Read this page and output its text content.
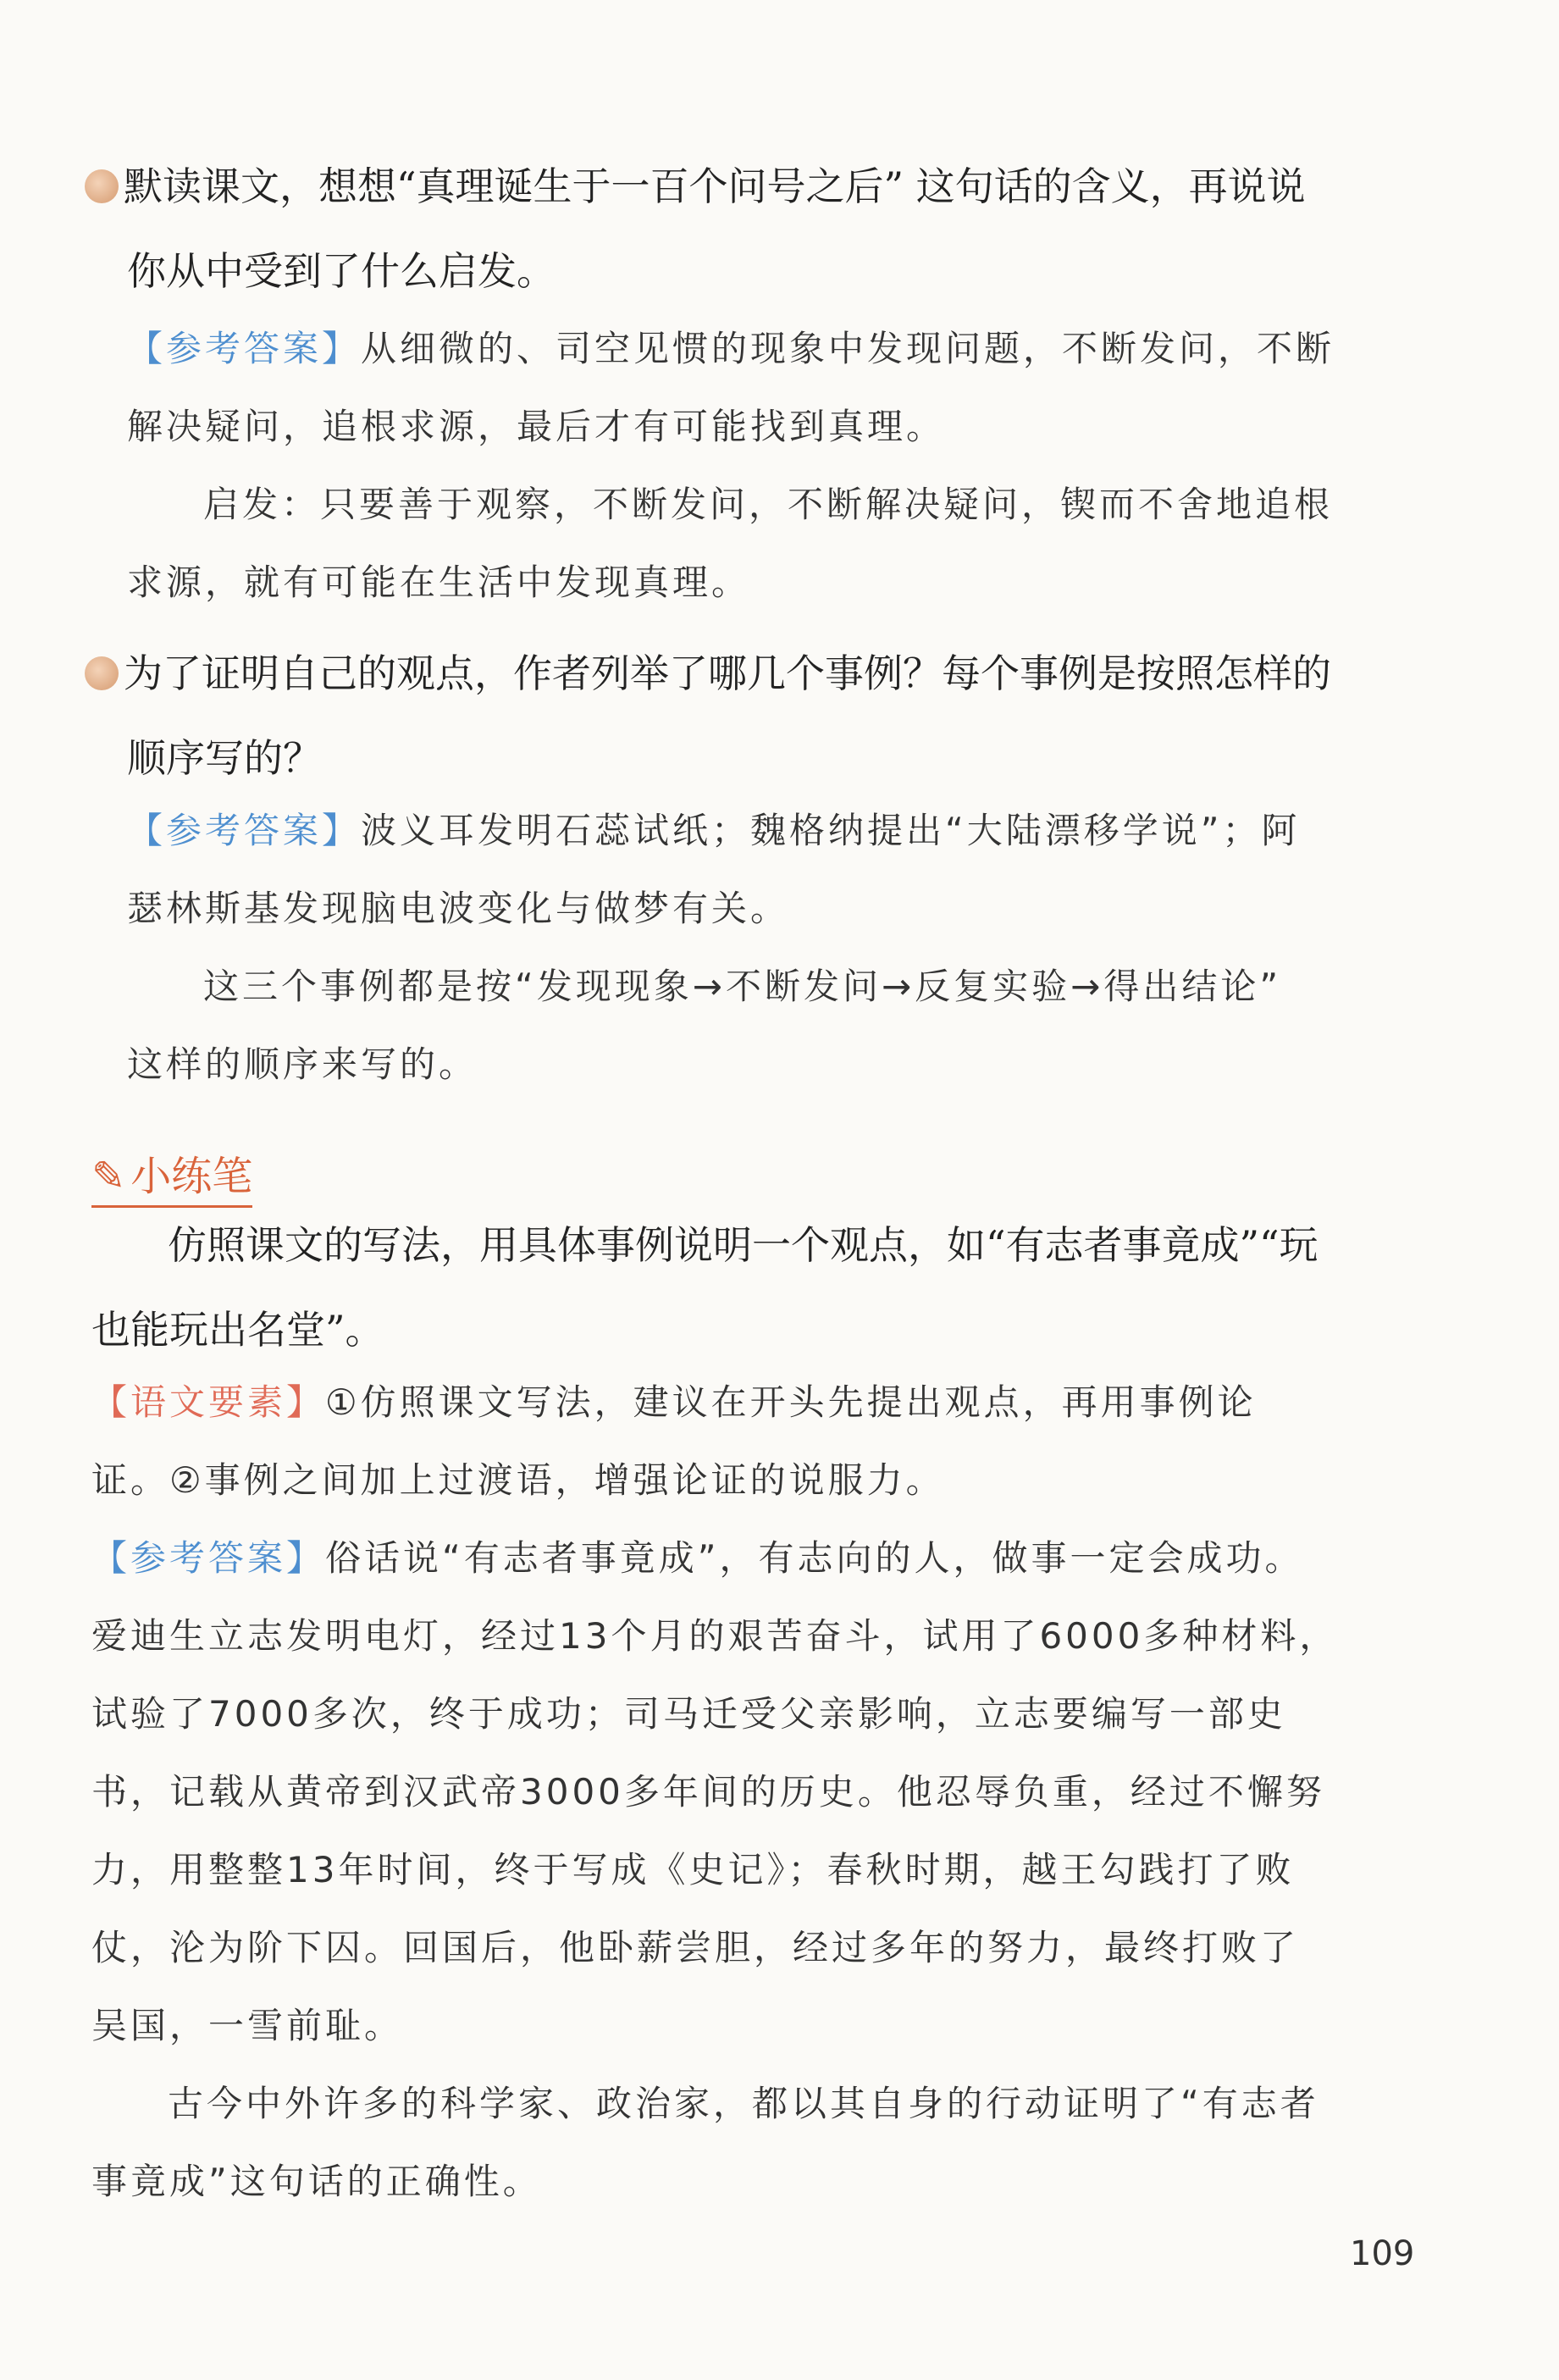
默读课文，想想“真理诞生于一百个问号之后” 这句话的含义，再说说

你从中受到了什么启发。

【参考答案】从细微的、司空见惯的现象中发现问题，不断发问，不断

解决疑问，追根求源，最后才有可能找到真理。

启发：只要善于观察，不断发问，不断解决疑问，锲而不舍地追根

求源，就有可能在生活中发现真理。

为了证明自己的观点，作者列举了哪几个事例？每个事例是按照怎样的

顺序写的？

【参考答案】波义耳发明石蕊试纸；魏格纳提出“大陆漂移学说”；阿

瑟林斯基发现脑电波变化与做梦有关。

这三个事例都是按“发现现象→不断发问→反复实验→得出结论”

这样的顺序来写的。

✎ 小练笔

仿照课文的写法，用具体事例说明一个观点，如“有志者事竟成”“玩

也能玩出名堂”。

【语文要素】①仿照课文写法，建议在开头先提出观点，再用事例论

证。②事例之间加上过渡语，增强论证的说服力。

【参考答案】俗话说“有志者事竟成”，有志向的人，做事一定会成功。

爱迪生立志发明电灯，经过13个月的艰苦奋斗，试用了6000多种材料，

试验了7000多次，终于成功；司马迁受父亲影响，立志要编写一部史

书，记载从黄帝到汉武帝3000多年间的历史。他忍辱负重，经过不懈努

力，用整整13年时间，终于写成《史记》；春秋时期，越王勾践打了败

仗，沦为阶下囚。回国后，他卧薪尝胆，经过多年的努力，最终打败了

吴国，一雪前耻。

古今中外许多的科学家、政治家，都以其自身的行动证明了“有志者

事竟成”这句话的正确性。

109
